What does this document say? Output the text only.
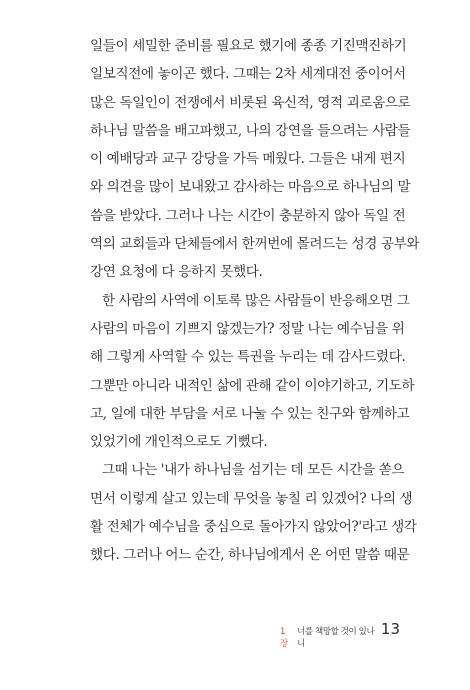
일들이 세밀한 준비를 필요로 했기에 종종 기진맥진하기
일보직전에 놓이곤 했다. 그때는 2차 세계대전 중이어서
많은 독일인이 전쟁에서 비롯된 육신적, 영적 괴로움으로
하나님 말씀을 배고파했고, 나의 강연을 들으려는 사람들
이 예배당과 교구 강당을 가득 메웠다. 그들은 내게 편지
와 의견을 많이 보내왔고 감사하는 마음으로 하나님의 말
씀을 받았다. 그러나 나는 시간이 충분하지 않아 독일 전
역의 교회들과 단체들에서 한꺼번에 몰려드는 성경 공부와
강연 요청에 다 응하지 못했다.
한 사람의 사역에 이토록 많은 사람들이 반응해오면 그
사람의 마음이 기쁘지 않겠는가? 정말 나는 예수님을 위
해 그렇게 사역할 수 있는 특권을 누리는 데 감사드렸다.
그뿐만 아니라 내적인 삶에 관해 같이 이야기하고, 기도하
고, 일에 대한 부담을 서로 나눌 수 있는 친구와 함께하고
있었기에 개인적으로도 기뻤다.
그때 나는 '내가 하나님을 섬기는 데 모든 시간을 쏟으
면서 이렇게 살고 있는데 무엇을 놓칠 리 있겠어? 나의 생
활 전체가 예수님을 중심으로 돌아가지 않았어?'라고 생각
했다. 그러나 어느 순간, 하나님에게서 온 어떤 말씀 때문
1장
너를 책망할 것이 있나니
13
